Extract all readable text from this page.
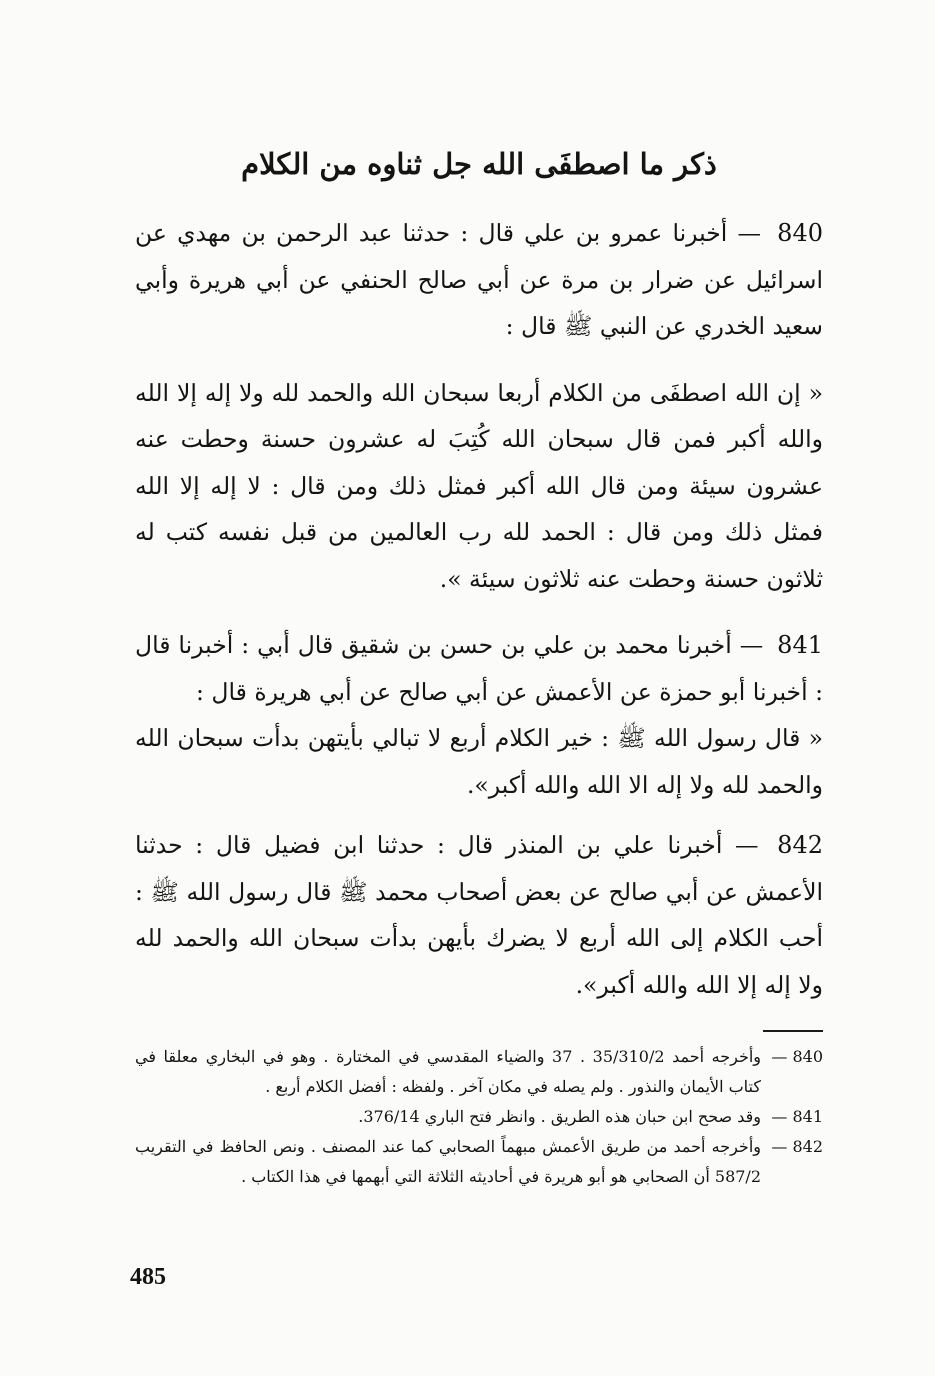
ذكر ما اصطفَى الله جل ثناوه من الكلام

840 — أخبرنا عمرو بن علي قال : حدثنا عبد الرحمن بن مهدي عن اسرائيل عن ضرار بن مرة عن أبي صالح الحنفي عن أبي هريرة وأبي سعيد الخدري عن النبي ﷺ قال :

« إن الله اصطفَى من الكلام أربعا سبحان الله والحمد لله ولا إله إلا الله والله أكبر فمن قال سبحان الله كُتِبَ له عشرون حسنة وحطت عنه عشرون سيئة ومن قال الله أكبر فمثل ذلك ومن قال : لا إله إلا الله فمثل ذلك ومن قال : الحمد لله رب العالمين من قبل نفسه كتب له ثلاثون حسنة وحطت عنه ثلاثون سيئة ».

841 — أخبرنا محمد بن علي بن حسن بن شقيق قال أبي : أخبرنا قال : أخبرنا أبو حمزة عن الأعمش عن أبي صالح عن أبي هريرة قال :

« قال رسول الله ﷺ : خير الكلام أربع لا تبالي بأيتهن بدأت سبحان الله والحمد لله ولا إله الا الله والله أكبر».

842 — أخبرنا علي بن المنذر قال : حدثنا ابن فضيل قال : حدثنا الأعمش عن أبي صالح عن بعض أصحاب محمد ﷺ قال رسول الله ﷺ : أحب الكلام إلى الله أربع لا يضرك بأيهن بدأت سبحان الله والحمد لله ولا إله إلا الله والله أكبر».

840 —
وأخرجه أحمد 35/310/2 . 37 والضياء المقدسي في المختارة . وهو في البخاري معلقا في كتاب الأيمان والنذور . ولم يصله في مكان آخر . ولفظه : أفضل الكلام أربع .
841 —
وقد صحح ابن حبان هذه الطريق . وانظر فتح الباري 376/14.
842 —
وأخرجه أحمد من طريق الأعمش مبهماً الصحابي كما عند المصنف . ونص الحافظ في التقريب 587/2 أن الصحابي هو أبو هريرة في أحاديثه الثلاثة التي أبهمها في هذا الكتاب .
485
